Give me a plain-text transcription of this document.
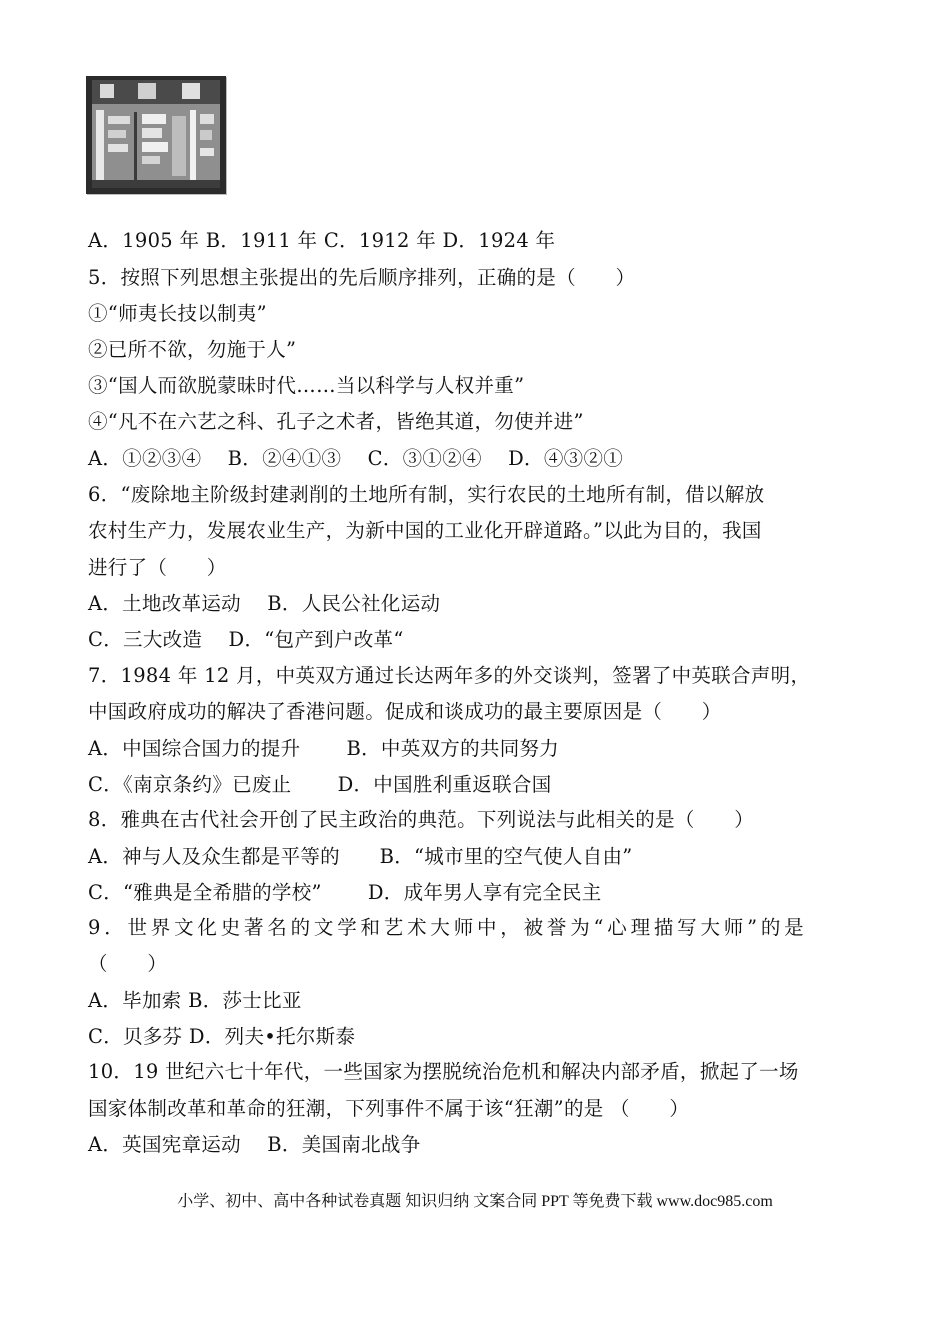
A．1905 年 B．1911 年 C．1912 年 D．1924 年
5．按照下列思想主张提出的先后顺序排列，正确的是（　　）
①“师夷长技以制夷”
②已所不欲，勿施于人”
③“国人而欲脱蒙昧时代……当以科学与人权并重”
④“凡不在六艺之科、孔子之术者，皆绝其道，勿使并进”
A．①②③④　 B．②④①③　 C．③①②④　 D．④③②①
6．“废除地主阶级封建剥削的土地所有制，实行农民的土地所有制，借以解放
农村生产力，发展农业生产，为新中国的工业化开辟道路。”以此为目的，我国
进行了（　　）
A．土地改革运动　 B．人民公社化运动
C．三大改造　 D．“包产到户改革“
7．1984 年 12 月，中英双方通过长达两年多的外交谈判，签署了中英联合声明，
中国政府成功的解决了香港问题。促成和谈成功的最主要原因是（　　）
A．中国综合国力的提升　　 B．中英双方的共同努力
C．《南京条约》已废止　　 D．中国胜利重返联合国
8．雅典在古代社会开创了民主政治的典范。下列说法与此相关的是（　　）
A．神与人及众生都是平等的　　B．“城市里的空气使人自由”
C．“雅典是全希腊的学校”　　 D．成年男人享有完全民主
9．世界文化史著名的文学和艺术大师中，被誉为“心理描写大师”的是
（　　）
A．毕加索 B．莎士比亚
C．贝多芬 D．列夫•托尔斯泰
10．19 世纪六七十年代，一些国家为摆脱统治危机和解决内部矛盾，掀起了一场
国家体制改革和革命的狂潮，下列事件不属于该“狂潮”的是 （　　）
A．英国宪章运动　 B．美国南北战争
小学、初中、高中各种试卷真题 知识归纳 文案合同 PPT 等免费下载 www.doc985.com
